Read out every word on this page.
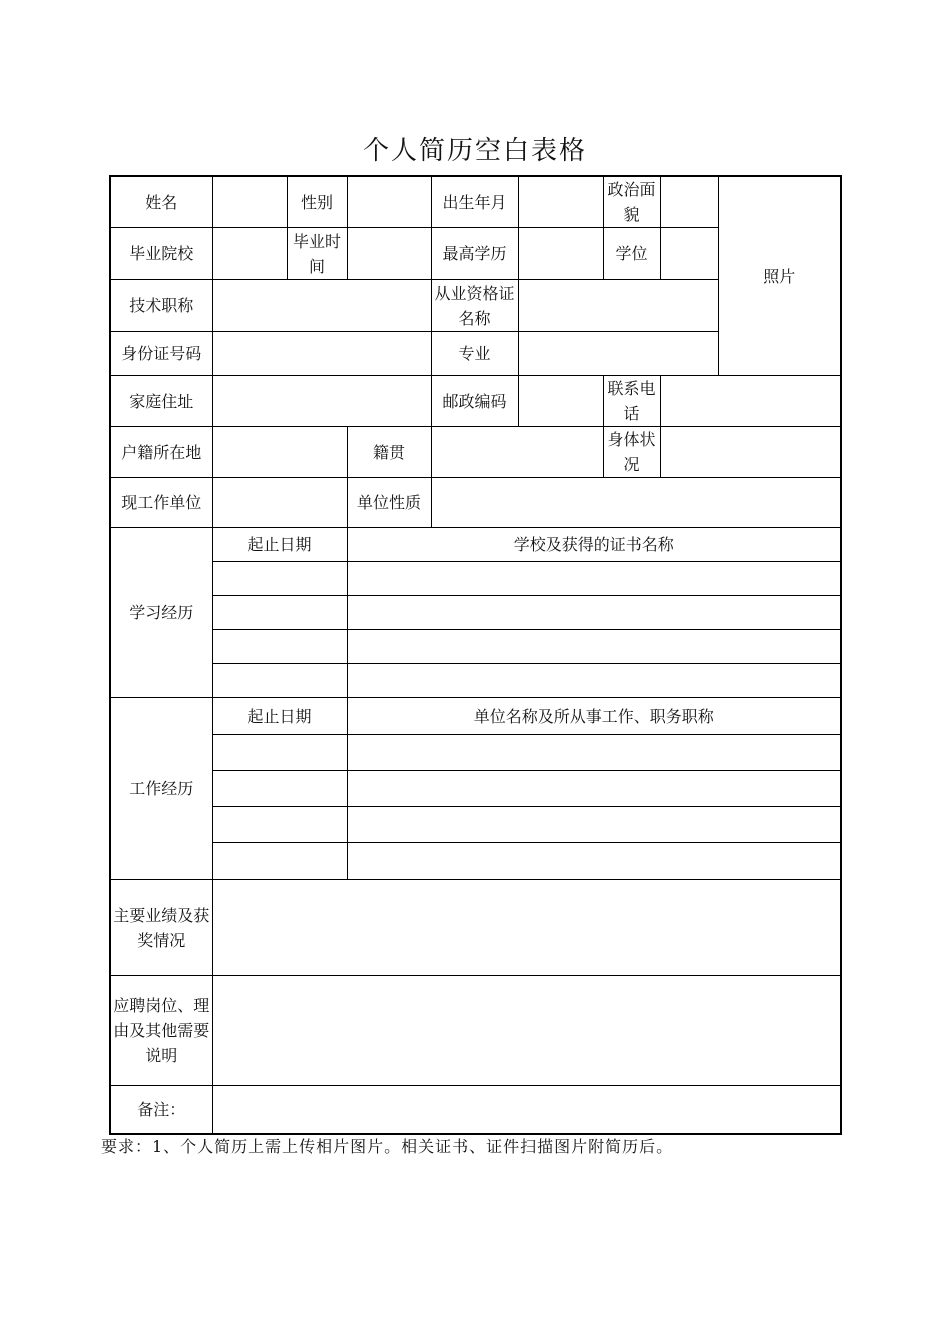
个人简历空白表格
姓名		性别		出生年月		政治面貌		照片
毕业院校		毕业时间		最高学历		学位		
技术职称				从业资格证名称				
身份证号码				专业				
家庭住址				邮政编码		联系电话		
户籍所在地			籍贯			身体状况		
现工作单位			单位性质					
学习经历	起止日期		学校及获得的证书名称					

工作经历	起止日期		单位名称及所从事工作、职务职称					

主要业绩及获奖情况								
应聘岗位、理由及其他需要说明								
备注：								
要求：1、个人简历上需上传相片图片。相关证书、证件扫描图片附简历后。
